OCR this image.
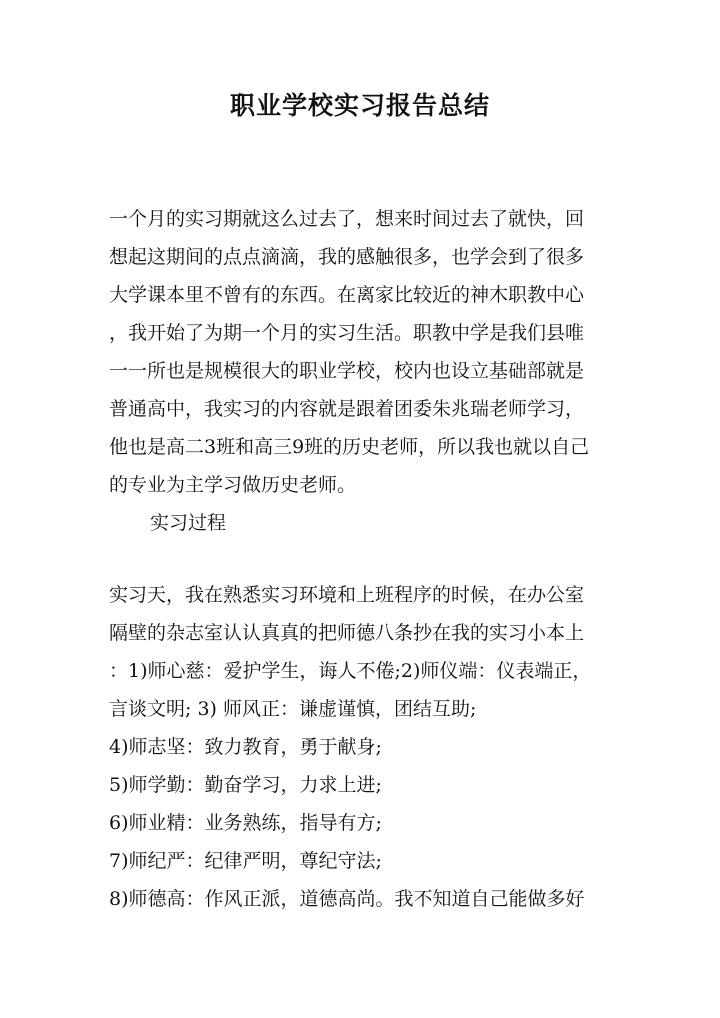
职业学校实习报告总结
一个月的实习期就这么过去了，想来时间过去了就快，回
想起这期间的点点滴滴，我的感触很多，也学会到了很多
大学课本里不曾有的东西。在离家比较近的神木职教中心
，我开始了为期一个月的实习生活。职教中学是我们县唯
一一所也是规模很大的职业学校，校内也设立基础部就是
普通高中，我实习的内容就是跟着团委朱兆瑞老师学习，
他也是高二3班和高三9班的历史老师，所以我也就以自己
的专业为主学习做历史老师。
实习过程
实习天，我在熟悉实习环境和上班程序的时候，在办公室
隔壁的杂志室认认真真的把师德八条抄在我的实习小本上
：1)师心慈：爱护学生，诲人不倦;2)师仪端：仪表端正，
言谈文明; 3) 师风正：谦虚谨慎，团结互助;
4)师志坚：致力教育，勇于献身;
5)师学勤：勤奋学习，力求上进;
6)师业精：业务熟练，指导有方;
7)师纪严：纪律严明，尊纪守法;
8)师德高：作风正派，道德高尚。我不知道自己能做多好
